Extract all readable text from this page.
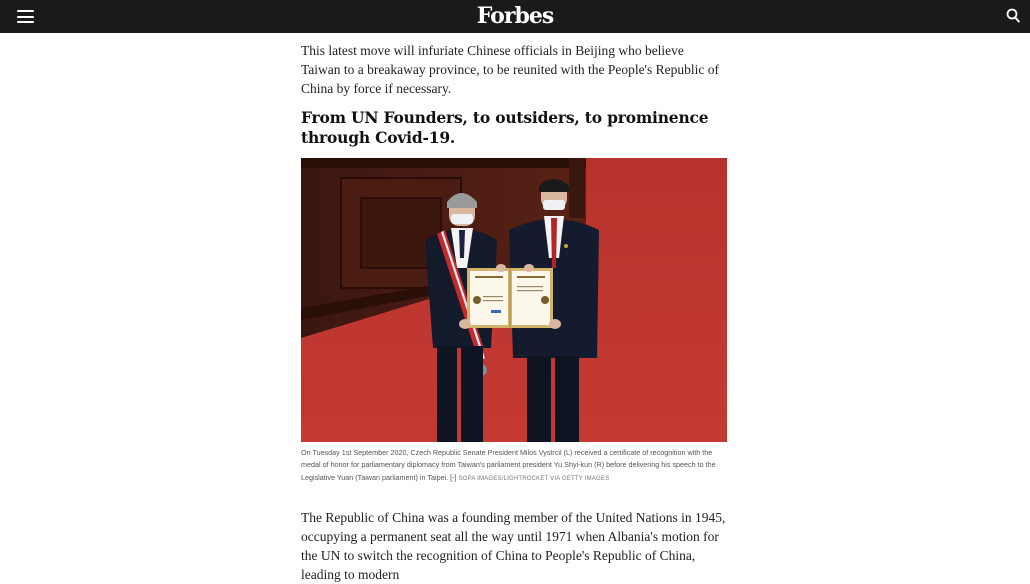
Forbes

This latest move will infuriate Chinese officials in Beijing who believe Taiwan to a breakaway province, to be reunited with the People's Republic of China by force if necessary.

From UN Founders, to outsiders, to prominence through Covid-19.
On Tuesday 1st September 2020, Czech Republic Senate President Milos Vystrcil (L) received a certificate of recognition with the medal of honor for parliamentary diplomacy from Taiwan's parliament president Yu Shyi-kun (R) before delivering his speech to the Legislative Yuan (Taiwan parliament) in Taipei. [-] SOPA IMAGES/LIGHTROCKET VIA GETTY IMAGES

The Republic of China was a founding member of the United Nations in 1945, occupying a permanent seat all the way until 1971 when Albania's motion for the UN to switch the recognition of China to People's Republic of China, leading to modern
